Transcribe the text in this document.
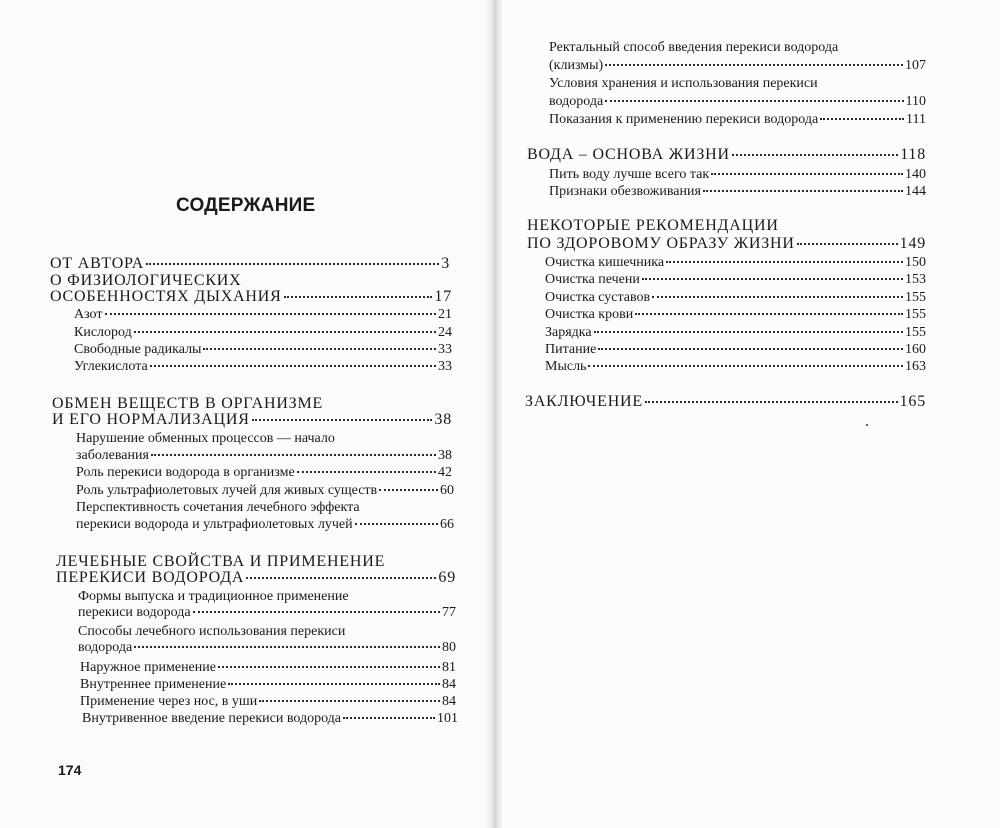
СОДЕРЖАНИЕ
ОТ АВТОРА	3
О ФИЗИОЛОГИЧЕСКИХ
ОСОБЕННОСТЯХ ДЫХАНИЯ	17
Азот	21
Кислород	24
Свободные радикалы	33
Углекислота	33
ОБМЕН ВЕЩЕСТВ В ОРГАНИЗМЕ
И ЕГО НОРМАЛИЗАЦИЯ	38
Нарушение обменных процессов — начало
заболевания	38
Роль перекиси водорода в организме	42
Роль ультрафиолетовых лучей для живых существ	60
Перспективность сочетания лечебного эффекта
перекиси водорода и ультрафиолетовых лучей	66
ЛЕЧЕБНЫЕ СВОЙСТВА И ПРИМЕНЕНИЕ
ПЕРЕКИСИ ВОДОРОДА	69
Формы выпуска и традиционное применение
перекиси водорода	77
Способы лечебного использования перекиси
водорода	80
Наружное применение	81
Внутреннее применение	84
Применение через нос, в уши	84
Внутривенное введение перекиси водорода	101
174
Ректальный способ введения перекиси водорода
(клизмы)	107
Условия хранения и использования перекиси
водорода	110
Показания к применению перекиси водорода	111
ВОДА – ОСНОВА ЖИЗНИ	118
Пить воду лучше всего так	140
Признаки обезвоживания	144
НЕКОТОРЫЕ РЕКОМЕНДАЦИИ
ПО ЗДОРОВОМУ ОБРАЗУ ЖИЗНИ	149
Очистка кишечника	150
Очистка печени	153
Очистка суставов	155
Очистка крови	155
Зарядка	155
Питание	160
Мысль	163
ЗАКЛЮЧЕНИЕ	165
